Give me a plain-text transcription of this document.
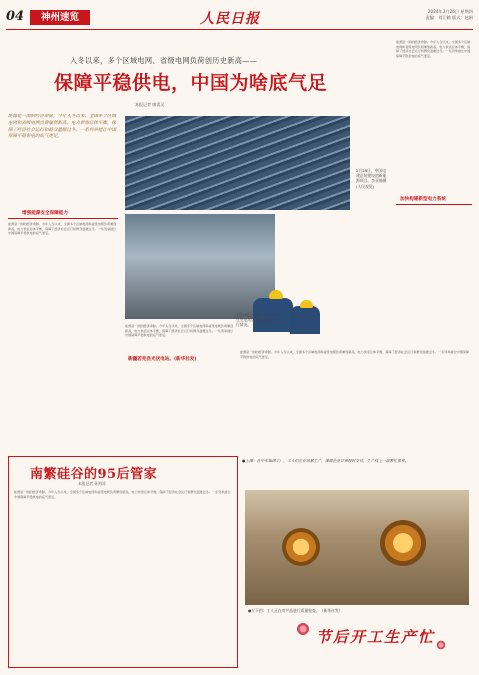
04	神州速览	人民日报	2024年3月26日 星期四
责编：刘江鹤 版式：赵娟
入冬以来，多个区域电网、省级电网负荷创历史新高——
保障平稳供电，中国为啥底气足
本报记者 廖睿灵
能源是一国的经济命脉。今年入冬以来，全国多个区域电网和省级电网负荷屡创新高，电力供需总体平衡，保障了经济社会运行和群众温暖过冬。一系列举措让中国保障平稳供电的底气更足。
2月28日，中国电建总装建设的新能源项目。李亚楠摄(人民视觉)
能源是一国的经济命脉。今年入冬以来，全国多个区域电网和省级电网负荷屡创新高，电力供需总体平衡，保障了经济社会运行和群众温暖过冬。一系列举措让中国保障平稳供电的底气更足。
加快构建新型电力系统
增强能源安全保障能力
能源是一国的经济命脉。今年入冬以来，全国多个区域电网和省级电网负荷屡创新高，电力供需总体平衡，保障了经济社会运行和群众温暖过冬。一系列举措让中国保障平稳供电的底气更足。
1月23日，国网工作人员在变电站巡视检查设备运行情况。
能源是一国的经济命脉。今年入冬以来，全国多个区域电网和省级电网负荷屡创新高，电力供需总体平衡，保障了经济社会运行和群众温暖过冬。一系列举措让中国保障平稳供电的底气更足。
新疆若羌县光伏电站。(新华社发)
能源是一国的经济命脉。今年入冬以来，全国多个区域电网和省级电网负荷屡创新高，电力供需总体平衡，保障了经济社会运行和群众温暖过冬。一系列举措让中国保障平稳供电的底气更足。
南繁硅谷的95后管家
本报记者 孙海涛
能源是一国的经济命脉。今年入冬以来，全国多个区域电网和省级电网负荷屡创新高，电力供需总体平衡，保障了经济社会运行和群众温暖过冬。一系列举措让中国保障平稳供电的底气更足。
●上图：在中车集团工厂，工人们正在加紧生产，保障企业订单按时交付，生产线上一派繁忙景象。
●左下图：工人正在对产品进行质量检查。（新华社发）
节后开工生产忙
